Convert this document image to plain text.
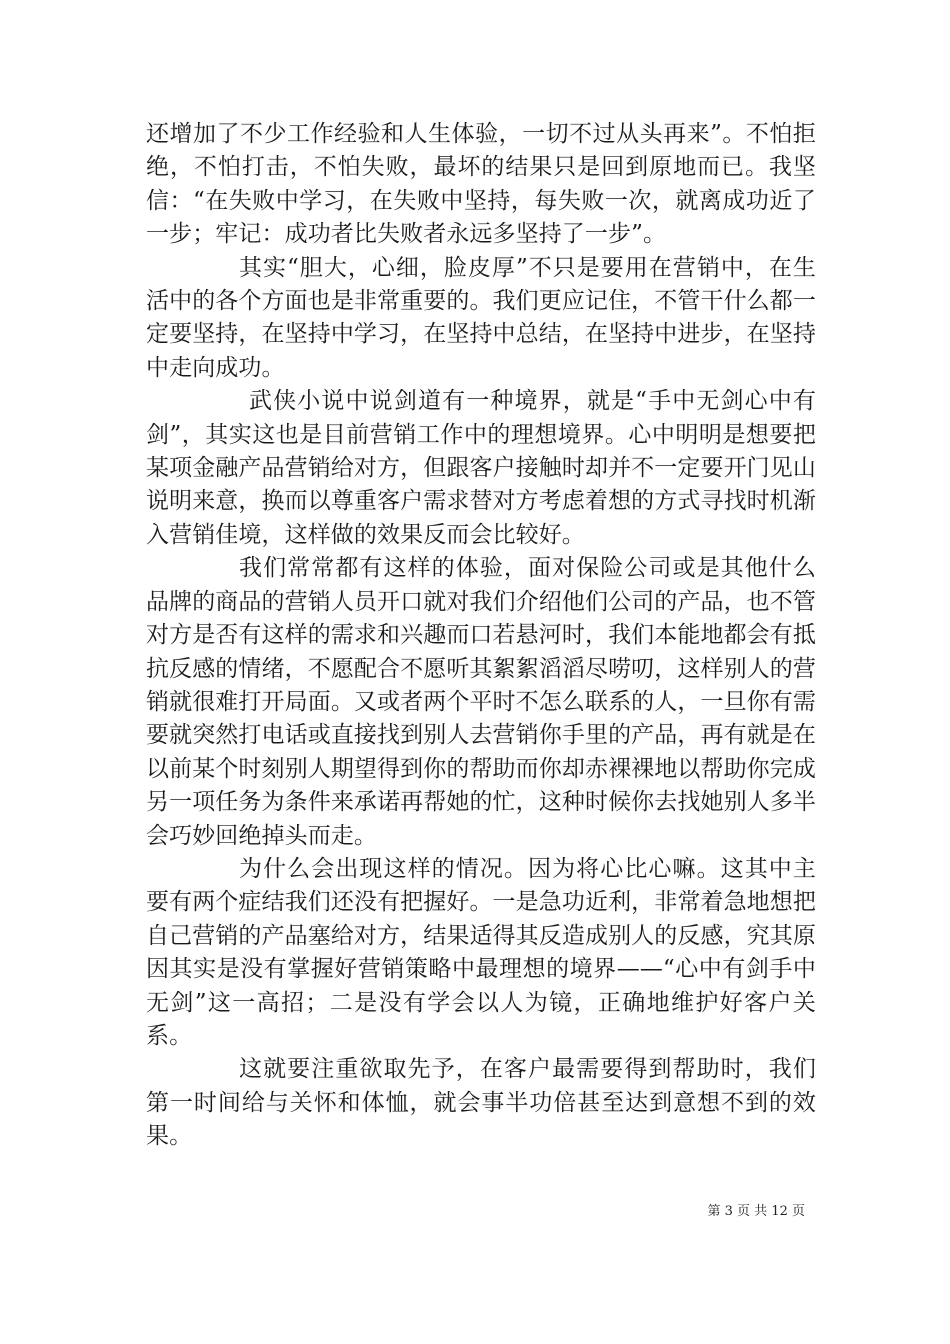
还增加了不少工作经验和人生体验，一切不过从头再来”。不怕拒绝，不怕打击，不怕失败，最坏的结果只是回到原地而已。我坚信：“在失败中学习，在失败中坚持，每失败一次，就离成功近了一步；牢记：成功者比失败者永远多坚持了一步”。

其实“胆大，心细，脸皮厚”不只是要用在营销中，在生活中的各个方面也是非常重要的。我们更应记住，不管干什么都一定要坚持，在坚持中学习，在坚持中总结，在坚持中进步，在坚持中走向成功。

武侠小说中说剑道有一种境界，就是“手中无剑心中有剑”，其实这也是目前营销工作中的理想境界。心中明明是想要把某项金融产品营销给对方，但跟客户接触时却并不一定要开门见山说明来意，换而以尊重客户需求替对方考虑着想的方式寻找时机渐入营销佳境，这样做的效果反而会比较好。

我们常常都有这样的体验，面对保险公司或是其他什么品牌的商品的营销人员开口就对我们介绍他们公司的产品，也不管对方是否有这样的需求和兴趣而口若悬河时，我们本能地都会有抵抗反感的情绪，不愿配合不愿听其絮絮滔滔尽唠叨，这样别人的营销就很难打开局面。又或者两个平时不怎么联系的人，一旦你有需要就突然打电话或直接找到别人去营销你手里的产品，再有就是在以前某个时刻别人期望得到你的帮助而你却赤裸裸地以帮助你完成另一项任务为条件来承诺再帮她的忙，这种时候你去找她别人多半会巧妙回绝掉头而走。

为什么会出现这样的情况。因为将心比心嘛。这其中主要有两个症结我们还没有把握好。一是急功近利，非常着急地想把自己营销的产品塞给对方，结果适得其反造成别人的反感，究其原因其实是没有掌握好营销策略中最理想的境界——“心中有剑手中无剑”这一高招；二是没有学会以人为镜，正确地维护好客户关系。

这就要注重欲取先予，在客户最需要得到帮助时，我们第一时间给与关怀和体恤，就会事半功倍甚至达到意想不到的效果。

第 3 页 共 12 页
